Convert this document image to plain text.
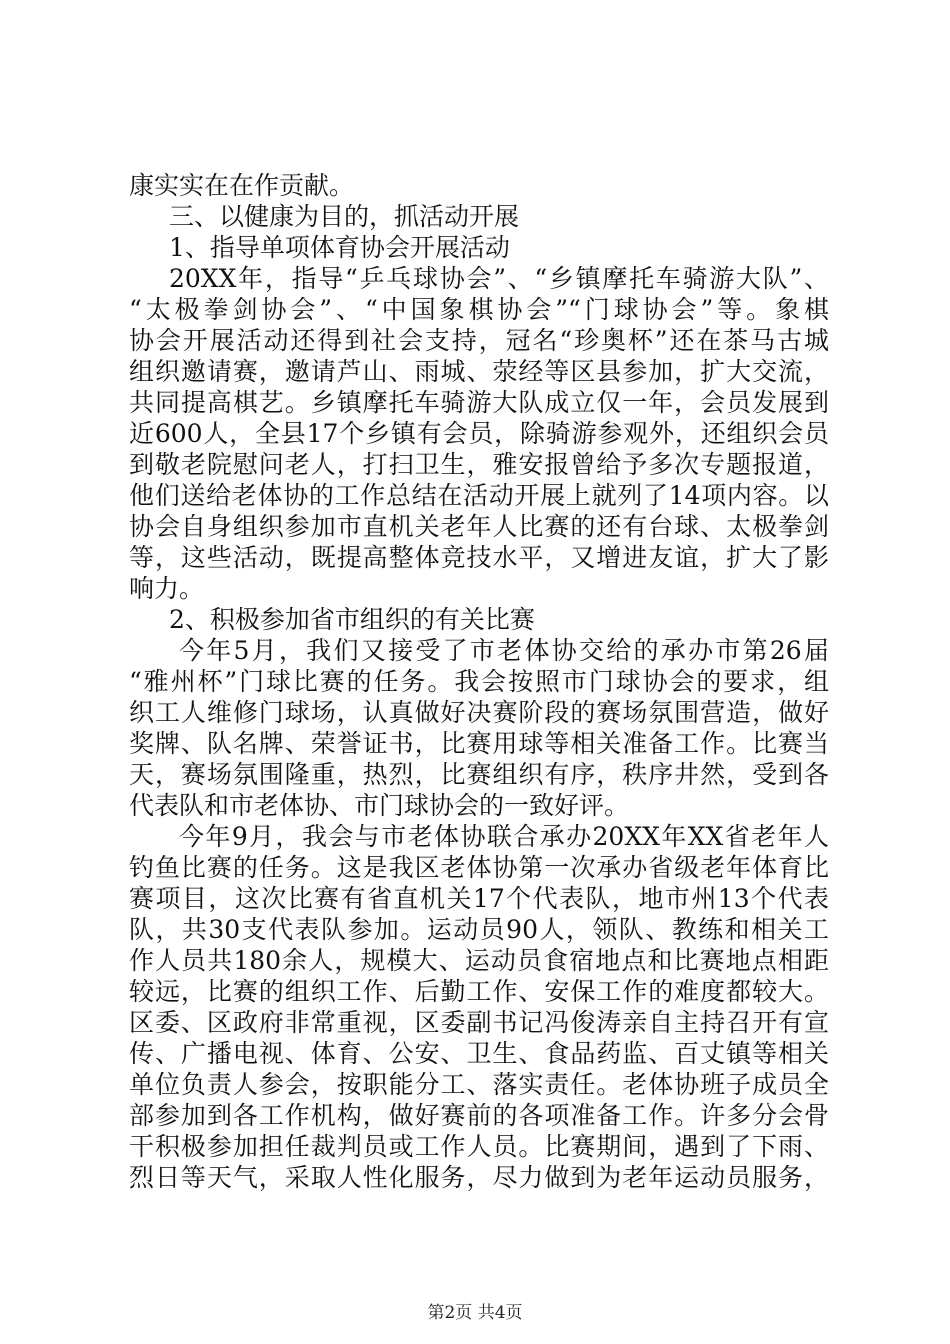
康实实在在作贡献。
三、以健康为目的，抓活动开展
1、指导单项体育协会开展活动
20XX年，指导“乒乓球协会”、“乡镇摩托车骑游大队”、
“太极拳剑协会”、“中国象棋协会”“门球协会”等。象棋
协会开展活动还得到社会支持，冠名“珍奥杯”还在茶马古城
组织邀请赛，邀请芦山、雨城、荥经等区县参加，扩大交流，
共同提高棋艺。乡镇摩托车骑游大队成立仅一年，会员发展到
近600人，全县17个乡镇有会员，除骑游参观外，还组织会员
到敬老院慰问老人，打扫卫生，雅安报曾给予多次专题报道，
他们送给老体协的工作总结在活动开展上就列了14项内容。以
协会自身组织参加市直机关老年人比赛的还有台球、太极拳剑
等，这些活动，既提高整体竞技水平，又增进友谊，扩大了影
响力。
2、积极参加省市组织的有关比赛
今年5月，我们又接受了市老体协交给的承办市第26届
“雅州杯”门球比赛的任务。我会按照市门球协会的要求，组
织工人维修门球场，认真做好决赛阶段的赛场氛围营造，做好
奖牌、队名牌、荣誉证书，比赛用球等相关准备工作。比赛当
天，赛场氛围隆重，热烈，比赛组织有序，秩序井然，受到各
代表队和市老体协、市门球协会的一致好评。
今年9月，我会与市老体协联合承办20XX年XX省老年人
钓鱼比赛的任务。这是我区老体协第一次承办省级老年体育比
赛项目，这次比赛有省直机关17个代表队，地市州13个代表
队，共30支代表队参加。运动员90人，领队、教练和相关工
作人员共180余人，规模大、运动员食宿地点和比赛地点相距
较远，比赛的组织工作、后勤工作、安保工作的难度都较大。
区委、区政府非常重视，区委副书记冯俊涛亲自主持召开有宣
传、广播电视、体育、公安、卫生、食品药监、百丈镇等相关
单位负责人参会，按职能分工、落实责任。老体协班子成员全
部参加到各工作机构，做好赛前的各项准备工作。许多分会骨
干积极参加担任裁判员或工作人员。比赛期间，遇到了下雨、
烈日等天气，采取人性化服务，尽力做到为老年运动员服务，
第2页 共4页
